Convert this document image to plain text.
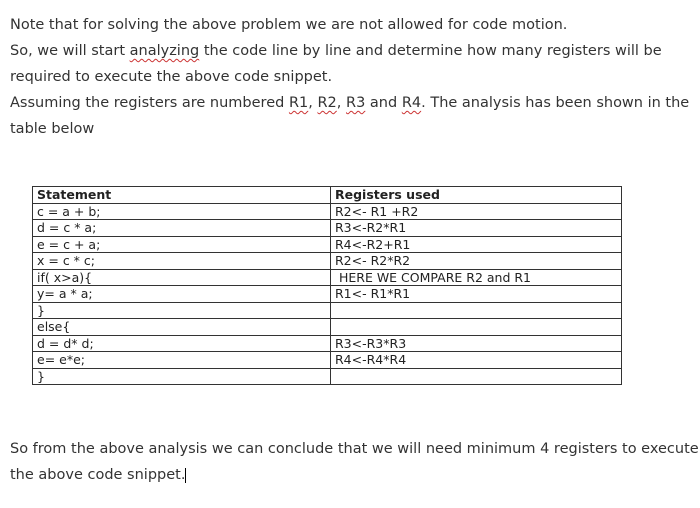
Note that for solving the above problem we are not allowed for code motion.
So, we will start analyzing the code line by line and determine how many registers will be required to execute the above code snippet.
Assuming the registers are numbered R1, R2, R3 and R4. The analysis has been shown in the table below
Statement	Registers used
c = a + b;	R2<- R1 +R2
d = c * a;	R3<-R2*R1
e = c + a;	R4<-R2+R1
x = c * c;	R2<- R2*R2
if( x>a){	HERE WE COMPARE R2 and R1
y= a * a;	R1<- R1*R1
}	
else{	
d = d* d;	R3<-R3*R3
e= e*e;	R4<-R4*R4
}	
So from the above analysis we can conclude that we will need minimum 4 registers to execute the above code snippet.
